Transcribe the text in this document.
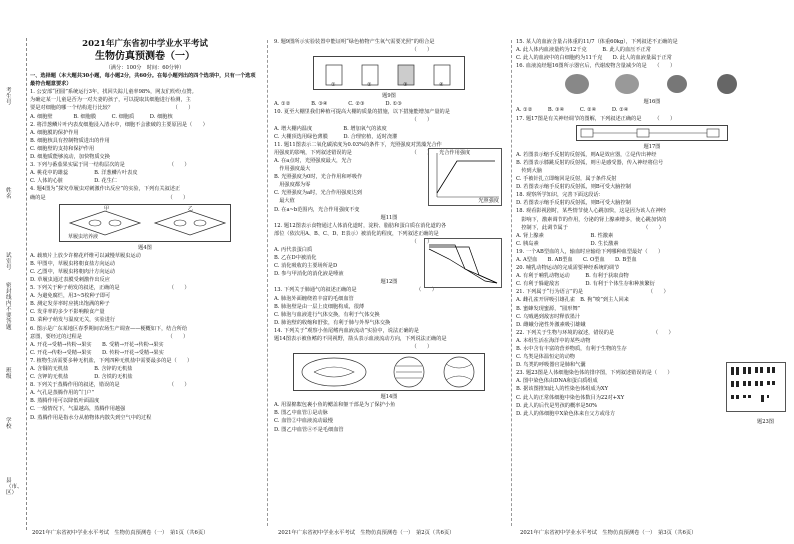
考生号
姓名
试室号
密封线内不要答题
班级
学校
县（市、区）
2021年广东省初中学业水平考试
生物仿真预测卷（一）
（满分：100分　时间：60分钟）
一、选择题（本大题共30小题，每小题2分，共60分。在每小题列出的四个选项中，只有一个选项最符合题意要求）
1. 公安部“团圆”系统运行3年，找回失踪儿童率98%，网友们纷纷点赞。
为确定某一儿童是否为一对夫妻的孩子，可以提取其细胞进行检测，主
要是对细胞的哪一个结构进行比较？　　　　　　　　　　　　（　　）
A. 细胞壁　　　　B. 细胞膜　　　C. 细胞质　　　D. 细胞核
2. 将洋葱鳞片叶内表皮细胞浸入清水中，细胞不会涨破的主要原因是（　　）
A. 细胞膜的保护作用
B. 细胞核具有控制物质进出的作用
C. 细胞壁的支持和保护作用
D. 细胞质能够流动，加快物质交换
3. 下列与番茄果实属于同一结构层次的是　　　　　　　　　（　　）
A. 桃花中的雄蕊　　　　　B. 洋葱鳞片叶表皮
C. 人体的心脏　　　　　　D. 花生仁
4. 题4图为“探究草履虫对刺激作出反应”的实验，下列有关叙述正
确的是　　　　　　　　　　　　　　　　　　　　　　　　（　　）
草履虫培养液
甲	乙
题4图
A. 载玻片上放少许棉花纤维可以减慢草履虫运动
B. 甲图中，草履虫将朝食盐方向运动
C. 乙图中，草履虫将朝肉汁方向运动
D. 草履虫通过表膜受刺激作出反应
5. 下列关于种子萌发的叙述，正确的是　　　　　　　　　　（　　）
A. 为避免腐烂，用3~5枚种子即可
B. 测定发芽率时应挑出饱满的种子
C. 发芽率的多少不影响粮食产量
D. 菜种子萌发与温度无关，实验进行
6. 图示是广东某地区春季期间农场生产调查——梗概如下，结合所给
意图，要经过的过程是　　　　　　　　　　　　　　　　　（　　）
A. 开花→受精→传粉→果实　　B. 受精→开花→传粉→果实
C. 开花→传粉→受精→果实　　D. 传粉→开花→受精→果实
7. 植物生活需要多种无机盐，下列四种无机盐中需要最多的是（　　）
A. 含铜的无机盐　　　　　B. 含锌的无机盐
C. 含钾的无机盐　　　　　D. 含铁的无机盐
8. 下列关于蒸腾作用的叙述，错误的是　　　　　　　　　　（　　）
A. 气孔是蒸腾作用的“门户”
B. 蒸腾作用可以降低叶面温度
C. 一般情况下，气温越高，蒸腾作用越强
D. 蒸腾作用是指水分从植物体内散失到空气中的过程
9. 题9图所示实验装置中能证明“绿色植物产生氧气需要光照”的组合是
　　　　　　　　　　　　　　　　　　　　　　　　　　　（　　）
①	②	③	④
题9图
A. ①②　　　　B. ③④　　　　C. ②③　　　　D. ①③
10. 夏至大棚里我们种植可提高大棚的质量的措施，以下措施能增加产量的是
　　　　　　　　　　　　　　　　　　　　　　　　　　　（　　）
A. 增大棚内温度　　　　　　B. 增加氧气的浓度
C. 大棚顶选用绿色薄膜　　　D. 合理密植，适时浇灌
11. 题11图表示二氧化碳浓度为0.03%的条件下，光照强度对黑藻光合作
用强度的影响，下列叙述错误的是　　　　　　　　　　　　（　　）
A. 在a点时，光照强度最大，光合
　作用强度最大
B. 光照强度为0时，光合作用和呼吸作
　用强度都为零
C. 光照强度为a时，光合作用强度达到
　最大值
D. 在a~b范围内，光合作用强度不变
光合作用强度
光照强度
题11图
12. 题12图表示食物通过人体消化道时，淀粉、脂肪和蛋白质在消化道的各
部位（依次用A、B、C、D、E表示）被消化的程度，下列叙述正确的是
　　　　　　　　　　　　　　　　　　　　　　　　　　　（　　）
A. 丙代表蛋白质
B. 乙在D中被消化
C. 消化吸收的主要场所是D
D. 参与甲消化的消化液是唾液
题12图
13. 下列关于肺通气的叙述正确的是　　　　　　　　　　　　（　　）
A. 肺泡外面缠绕着丰富的毛细血管
B. 肺泡壁是由一层上皮细胞构成，很薄
C. 肺泡与血液进行气体交换，有利于气体交换
D. 肺泡壁的收缩和舒张，有利于肺与外界气体交换
14. 下列关于“观察小鱼尾鳍内血液流动”实验中，说法正确的是
题14图表示被鱼鳍的不同视野，箭头表示血液流动方向，下列说法正确的是
　　　　　　　　　　　　　　　　　　　　　　　　　　　（　　）
题14图
A. 用湿棉絮包裹小鱼的鳃盖和躯干部是为了保护小鱼
B. 图乙中血管①是动脉
C. 血管②中血液流动最慢
D. 图乙中血管④不是毛细血管
15. 某人的血液含量占体重的11/7（体重60kg），下列叙述不正确的是
A. 此人体内血液量约为12千克　　　B. 此人的血压不正常
C. 此人的血液中的白细胞约为11千克　　D. 此人的血液量属于正常
16. 血液流经题16图所示器官后，代谢废物含量减少的是　　（　　）
题16图
A. ①②　　　B. ③④　　　C. ②④　　　D. ①④
17. 题17图是有关神经调节的图解，下列叙述正确的是　　　（　　）
题17图
A. 若图表示缩手反射的反射弧，则A是效应器，②是传出神经
B. 若图表示膝跳反射的反射弧，则④是感受器，传入神经将信号
　传到大脑
C. 手被针扎立即缩回是反射，属于条件反射
D. 若图表示缩手反射的反射弧，则B可受大脑控制
18. 观察所学知识，完善下面这段话：
D. 若图表示缩手反射的反射弧，则B可受大脑控制
18. 观看影视剧时，某些情节使人心跳加快，这是因为该人在神经
　影响下，激素调节的作用，分泌的肾上腺素增多，使心跳加快的
　控制下，此调节属于　　　　　　　　　　　　　　　（　　）
A. 肾上腺素　　　　　　　　　B. 性激素
C. 胰岛素　　　　　　　　　　D. 生长激素
19. 一个AB型血的人，输血时应输给下列哪种血型最好（　　）
A. A型血　　B. AB型血　　C. O型血　　D. B型血
20. 哺乳动物运动的完成需要神经系统的调节
A. 有利于哺乳动物运动　　　B. 有利于获取食物
C. 有利于躲避敌害　　　　　D. 有利于个体生存和种族繁衍
21. 下列属于“行为语言”的是　　　　　　　　　　　　　（　　）
A. 雌孔雀开屏吸引雄孔雀　B. 狗“嗅”到主人回来
B. 蜜蜂发现蜜源，“圆形舞”
C. 乌贼遇到敌害时释放墨汁
D. 雌蛾分泌性外激素吸引雄蛾
22. 下列关于生物与环境的叙述，错误的是　　　　　　　　（　　）
A. 本组生活在海洋中的某些动物
B. 水中含有丰富的营养物质，有利于生物的生存
C. 鸟类是体温恒定的动物
D. 鸟类的呼吸器官是肺和气囊
23. 题23图是人体细胞染色体的排序图，下列叙述错误的是（　　）
A. 图中染色体由DNA和蛋白质组成
B. 据该图推知此人的性染色体组成为XY
C. 此人的正常体细胞中染色体数目为22对+XY
D. 此人的后代是男孩的概率是50%
D. 此人的体细胞中X染色体来自父方或母方
题23图
2021年广东省初中学业水平考试　生物仿真预测卷（一）　第1页（共6页）	2021年广东省初中学业水平考试　生物仿真预测卷（一）　第2页（共6页）	2021年广东省初中学业水平考试　生物仿真预测卷（一）　第3页（共6页）
